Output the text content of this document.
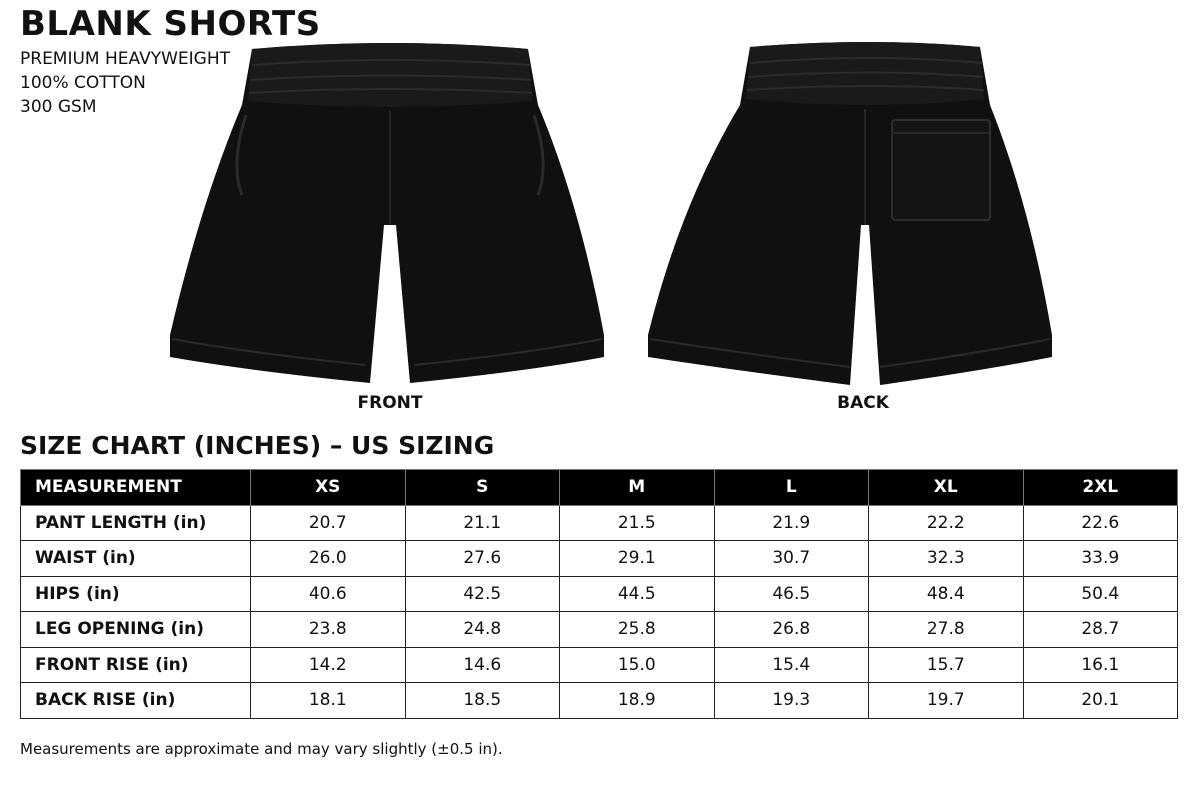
BLANK SHORTS
PREMIUM HEAVYWEIGHT
100% COTTON
300 GSM
FRONT	BACK
SIZE CHART (INCHES) – US SIZING
MEASUREMENT	XS	S	M	L	XL	2XL
PANT LENGTH (in)	20.7	21.1	21.5	21.9	22.2	22.6
WAIST (in)	26.0	27.6	29.1	30.7	32.3	33.9
HIPS (in)	40.6	42.5	44.5	46.5	48.4	50.4
LEG OPENING (in)	23.8	24.8	25.8	26.8	27.8	28.7
FRONT RISE (in)	14.2	14.6	15.0	15.4	15.7	16.1
BACK RISE (in)	18.1	18.5	18.9	19.3	19.7	20.1

Measurements are approximate and may vary slightly (±0.5 in).
